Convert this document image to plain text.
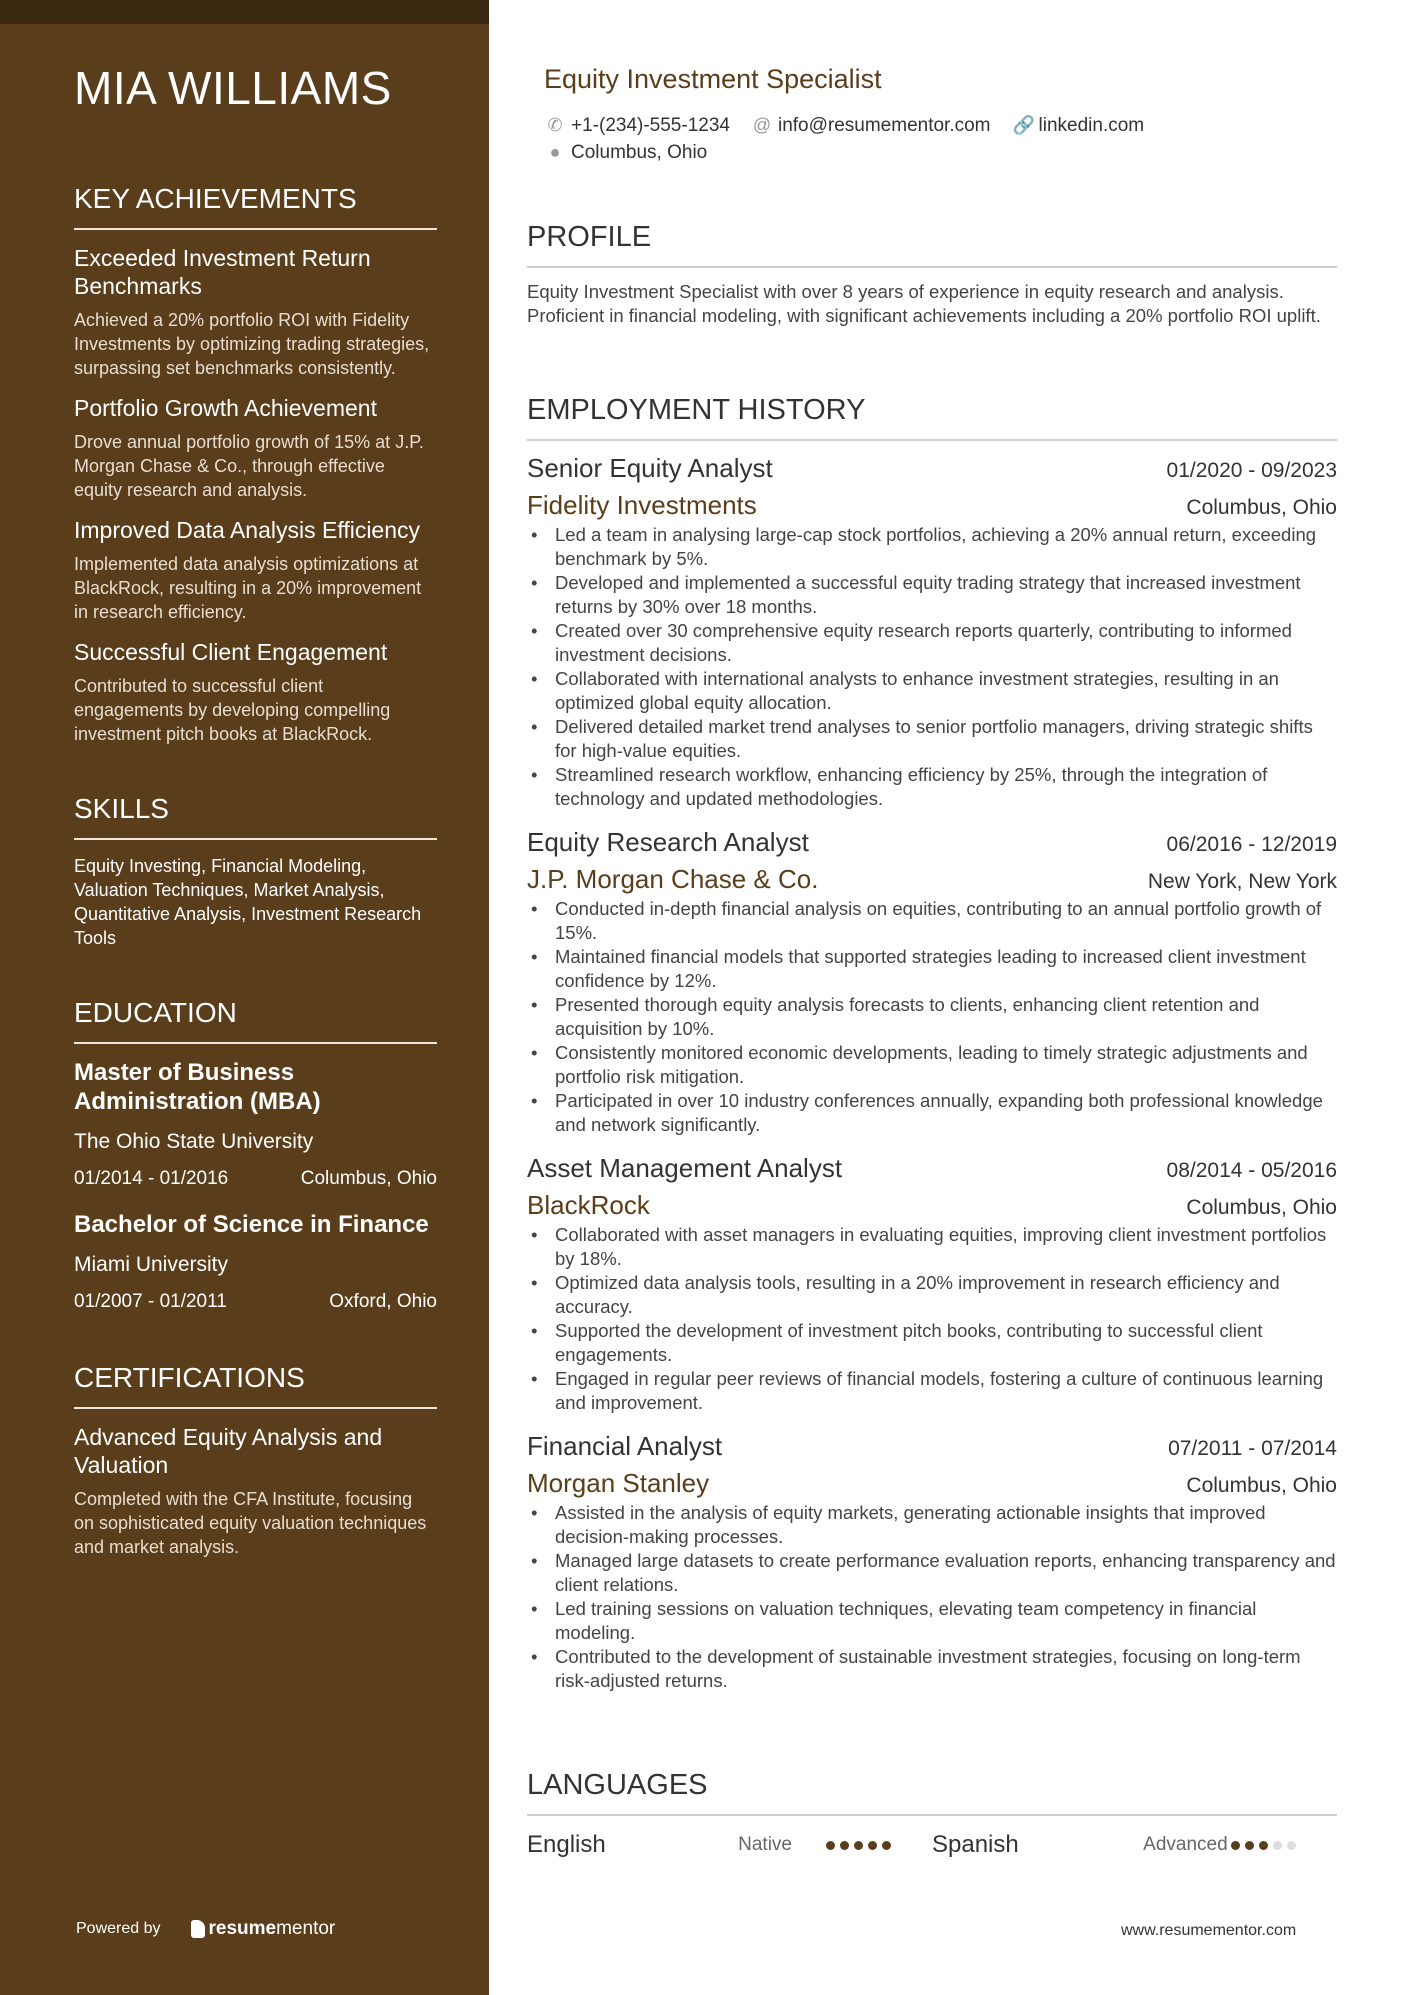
MIA WILLIAMS
KEY ACHIEVEMENTS
Exceeded Investment Return Benchmarks
Achieved a 20% portfolio ROI with Fidelity Investments by optimizing trading strategies, surpassing set benchmarks consistently.
Portfolio Growth Achievement
Drove annual portfolio growth of 15% at J.P. Morgan Chase & Co., through effective equity research and analysis.
Improved Data Analysis Efficiency
Implemented data analysis optimizations at BlackRock, resulting in a 20% improvement in research efficiency.
Successful Client Engagement
Contributed to successful client engagements by developing compelling investment pitch books at BlackRock.
SKILLS
Equity Investing, Financial Modeling, Valuation Techniques, Market Analysis, Quantitative Analysis, Investment Research Tools
EDUCATION
Master of Business Administration (MBA)
The Ohio State University
01/2014 - 01/2016	Columbus, Ohio
Bachelor of Science in Finance
Miami University
01/2007 - 01/2011	Oxford, Ohio
CERTIFICATIONS
Advanced Equity Analysis and Valuation
Completed with the CFA Institute, focusing on sophisticated equity valuation techniques and market analysis.
Powered by	resume mentor
Equity Investment Specialist
✆ +1-(234)-555-1234 @ info@resumementor.com 🔗 linkedin.com
● Columbus, Ohio
PROFILE
Equity Investment Specialist with over 8 years of experience in equity research and analysis. Proficient in financial modeling, with significant achievements including a 20% portfolio ROI uplift.
EMPLOYMENT HISTORY
Senior Equity Analyst	01/2020 - 09/2023
Fidelity Investments	Columbus, Ohio
• Led a team in analysing large-cap stock portfolios, achieving a 20% annual return, exceeding benchmark by 5%.
• Developed and implemented a successful equity trading strategy that increased investment returns by 30% over 18 months.
• Created over 30 comprehensive equity research reports quarterly, contributing to informed investment decisions.
• Collaborated with international analysts to enhance investment strategies, resulting in an optimized global equity allocation.
• Delivered detailed market trend analyses to senior portfolio managers, driving strategic shifts for high-value equities.
• Streamlined research workflow, enhancing efficiency by 25%, through the integration of technology and updated methodologies.
Equity Research Analyst	06/2016 - 12/2019
J.P. Morgan Chase & Co.	New York, New York
• Conducted in-depth financial analysis on equities, contributing to an annual portfolio growth of 15%.
• Maintained financial models that supported strategies leading to increased client investment confidence by 12%.
• Presented thorough equity analysis forecasts to clients, enhancing client retention and acquisition by 10%.
• Consistently monitored economic developments, leading to timely strategic adjustments and portfolio risk mitigation.
• Participated in over 10 industry conferences annually, expanding both professional knowledge and network significantly.
Asset Management Analyst	08/2014 - 05/2016
BlackRock	Columbus, Ohio
• Collaborated with asset managers in evaluating equities, improving client investment portfolios by 18%.
• Optimized data analysis tools, resulting in a 20% improvement in research efficiency and accuracy.
• Supported the development of investment pitch books, contributing to successful client engagements.
• Engaged in regular peer reviews of financial models, fostering a culture of continuous learning and improvement.
Financial Analyst	07/2011 - 07/2014
Morgan Stanley	Columbus, Ohio
• Assisted in the analysis of equity markets, generating actionable insights that improved decision-making processes.
• Managed large datasets to create performance evaluation reports, enhancing transparency and client relations.
• Led training sessions on valuation techniques, elevating team competency in financial modeling.
• Contributed to the development of sustainable investment strategies, focusing on long-term risk-adjusted returns.
LANGUAGES
English	Native	Spanish	Advanced
www.resumementor.com
